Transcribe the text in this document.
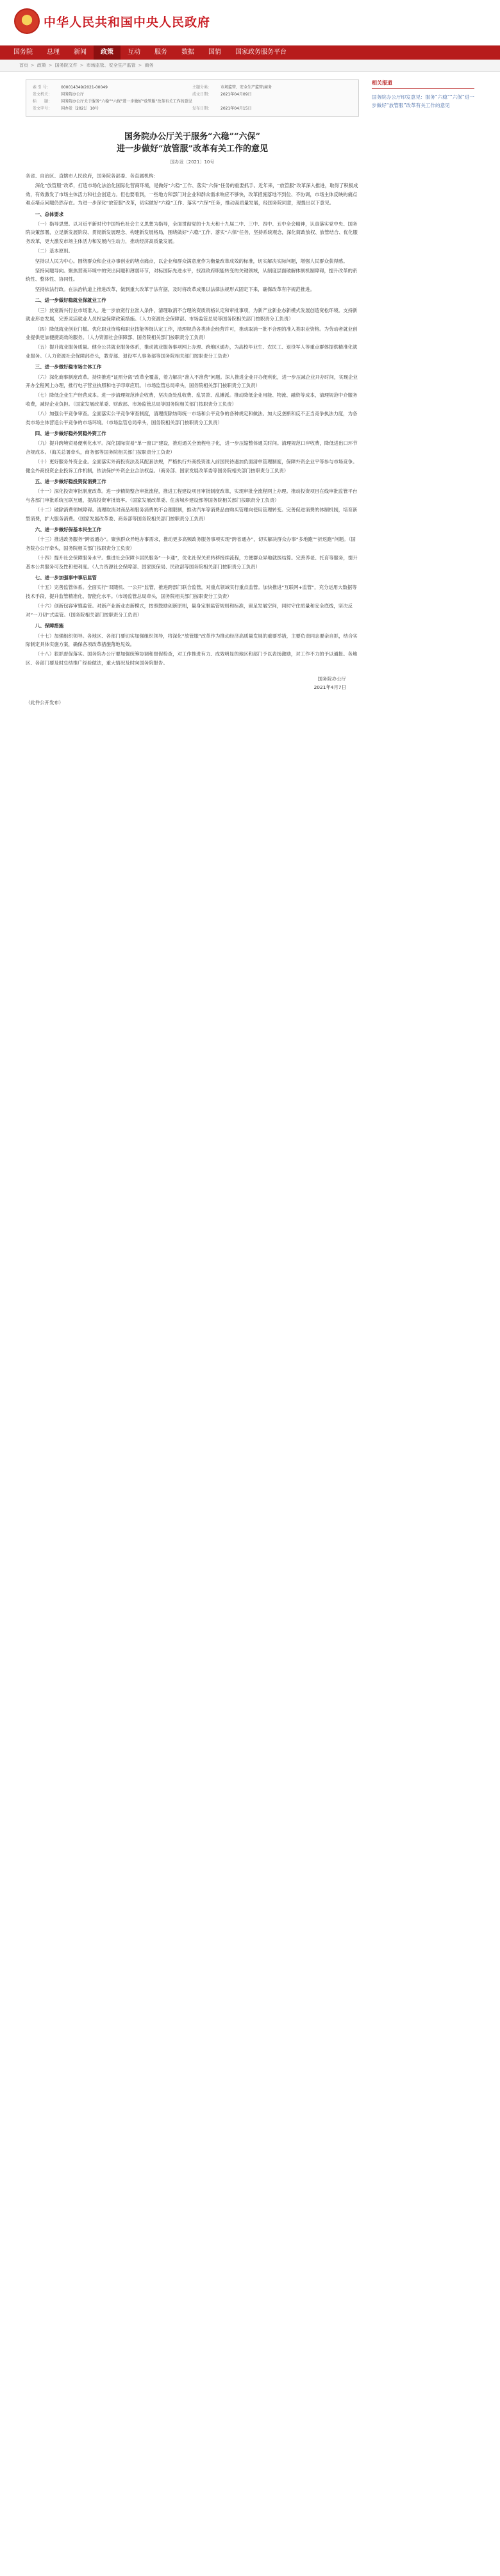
中华人民共和国中央人民政府
国务院	总理	新闻	政策	互动	服务	数据	国情	国家政务服务平台
首页 > 政策 > 国务院文件 > 市场监管、安全生产监管 > 商务
索 引 号：	000014349/2021-00049	主题分类：	市场监管、安全生产监管\商务
发文机关：	国务院办公厅	成文日期：	2021年04月09日
标　　题：	国务院办公厅关于服务“六稳”“六保”进一步做好“放管服”改革有关工作的意见
发文字号：	国办发〔2021〕10号	发布日期：	2021年04月15日
国务院办公厅关于服务“六稳”“六保”
进一步做好“放管服”改革有关工作的意见
国办发〔2021〕10号

各省、自治区、直辖市人民政府，国务院各部委、各直属机构：

深化“放管服”改革，打造市场化法治化国际化营商环境，是做好“六稳”工作、落实“六保”任务的重要抓手。近年来，“放管服”改革深入推进，取得了积极成效，有效激发了市场主体活力和社会创造力。但也要看到，一些地方和部门对企业和群众需求响应不够快，改革措施落地不到位、不协调，市场主体反映的痛点难点堵点问题仍然存在。为进一步深化“放管服”改革，切实做好“六稳”工作、落实“六保”任务，推动高质量发展，经国务院同意，现提出以下意见。

一、总体要求

（一）指导思想。以习近平新时代中国特色社会主义思想为指导，全面贯彻党的十九大和十九届二中、三中、四中、五中全会精神，认真落实党中央、国务院决策部署，立足新发展阶段、贯彻新发展理念、构建新发展格局，围绕做好“六稳”工作、落实“六保”任务，坚持系统观念，深化简政放权、放管结合、优化服务改革，更大激发市场主体活力和发展内生动力，推动经济高质量发展。

（二）基本原则。

坚持以人民为中心。围绕群众和企业办事创业的堵点痛点，以企业和群众满意度作为衡量改革成效的标准，切实解决实际问题，增强人民群众获得感。

坚持问题导向。聚焦营商环境中的突出问题和薄弱环节，对标国际先进水平，找准政府职能转变的关键领域，从制度层面破解体制机制障碍，提升改革的系统性、整体性、协同性。

坚持依法行政。在法治轨道上推进改革，做到重大改革于法有据，及时将改革成果以法律法规形式固定下来，确保改革有序规范推进。

二、进一步做好稳就业保就业工作

（三）放宽新兴行业市场准入。进一步放宽行业准入条件，清理取消不合理的资质资格认定和审批事项，为新产业新业态新模式发展创造宽松环境。支持新就业形态发展，完善灵活就业人员权益保障政策措施。（人力资源社会保障部、市场监管总局等国务院相关部门按职责分工负责）

（四）降低就业创业门槛。优化职业资格和职业技能等级认定工作，清理规范各类涉企经营许可，推动取消一批不合理的准入类职业资格。为劳动者就业创业提供更加便捷高效的服务。（人力资源社会保障部、国务院相关部门按职责分工负责）

（五）提升就业服务质量。健全公共就业服务体系，推动就业服务事项网上办理、跨地区通办，为高校毕业生、农民工、退役军人等重点群体提供精准化就业服务。（人力资源社会保障部牵头，教育部、退役军人事务部等国务院相关部门按职责分工负责）

三、进一步做好稳市场主体工作

（六）深化商事制度改革。持续推进“证照分离”改革全覆盖，着力解决“准入不准营”问题。深入推进企业开办便利化，进一步压减企业开办时间，实现企业开办全程网上办理，推行电子营业执照和电子印章应用。（市场监管总局牵头，国务院相关部门按职责分工负责）

（七）降低企业生产经营成本。进一步清理规范涉企收费，坚决查处乱收费、乱罚款、乱摊派。推动降低企业用能、物流、融资等成本，清理规范中介服务收费，减轻企业负担。（国家发展改革委、财政部、市场监管总局等国务院相关部门按职责分工负责）

（八）加强公平竞争审查。全面落实公平竞争审查制度，清理废除妨碍统一市场和公平竞争的各种规定和做法。加大反垄断和反不正当竞争执法力度，为各类市场主体营造公平竞争的市场环境。（市场监管总局牵头，国务院相关部门按职责分工负责）

四、进一步做好稳外贸稳外资工作

（九）提升跨境贸易便利化水平。深化国际贸易“单一窗口”建设，推进通关全流程电子化，进一步压缩整体通关时间。清理规范口岸收费，降低进出口环节合规成本。（海关总署牵头，商务部等国务院相关部门按职责分工负责）

（十）更好服务外资企业。全面落实外商投资法及其配套法规，严格执行外商投资准入前国民待遇加负面清单管理制度，保障外资企业平等参与市场竞争。健全外商投资企业投诉工作机制，依法保护外资企业合法权益。（商务部、国家发展改革委等国务院相关部门按职责分工负责）

五、进一步做好稳投资促消费工作

（十一）深化投资审批制度改革。进一步精简整合审批流程，推进工程建设项目审批制度改革，实现审批全流程网上办理。推动投资项目在线审批监管平台与各部门审批系统互联互通，提高投资审批效率。（国家发展改革委、住房城乡建设部等国务院相关部门按职责分工负责）

（十二）破除消费领域障碍。清理取消对商品和服务消费的不合理限制，推动汽车等消费品由购买管理向使用管理转变。完善促进消费的体制机制，培育新型消费，扩大服务消费。（国家发展改革委、商务部等国务院相关部门按职责分工负责）

六、进一步做好保基本民生工作

（十三）推进政务服务“跨省通办”。聚焦群众异地办事需求，推动更多高频政务服务事项实现“跨省通办”，切实解决群众办事“多地跑”“折返跑”问题。（国务院办公厅牵头，国务院相关部门按职责分工负责）

（十四）提升社会保障服务水平。推进社会保障卡居民服务“一卡通”，优化社保关系转移接续流程，方便群众异地就医结算。完善养老、托育等服务，提升基本公共服务可及性和便利度。（人力资源社会保障部、国家医保局、民政部等国务院相关部门按职责分工负责）

七、进一步加强事中事后监管

（十五）完善监管体系。全面实行“双随机、一公开”监管，推进跨部门联合监管，对重点领域实行重点监管。加快推进“互联网+监管”，充分运用大数据等技术手段，提升监管精准化、智能化水平。（市场监管总局牵头，国务院相关部门按职责分工负责）

（十六）创新包容审慎监管。对新产业新业态新模式，按照鼓励创新原则，量身定制监管规则和标准，留足发展空间，同时守住质量和安全底线，坚决反对“一刀切”式监管。（国务院相关部门按职责分工负责）

八、保障措施

（十七）加强组织领导。各地区、各部门要切实加强组织领导，将深化“放管服”改革作为推动经济高质量发展的重要举措，主要负责同志要亲自抓，结合实际制定具体实施方案，确保各项改革措施落地见效。

（十八）狠抓督促落实。国务院办公厅要加强统筹协调和督促检查，对工作推进有力、成效明显的地区和部门予以表扬激励，对工作不力的予以通报。各地区、各部门要及时总结推广经验做法，重大情况及时向国务院报告。

国务院办公厅
2021年4月7日
（此件公开发布）
相关报道
国务院办公厅印发意见：服务“六稳”“六保”进一步做好“放管服”改革有关工作的意见
